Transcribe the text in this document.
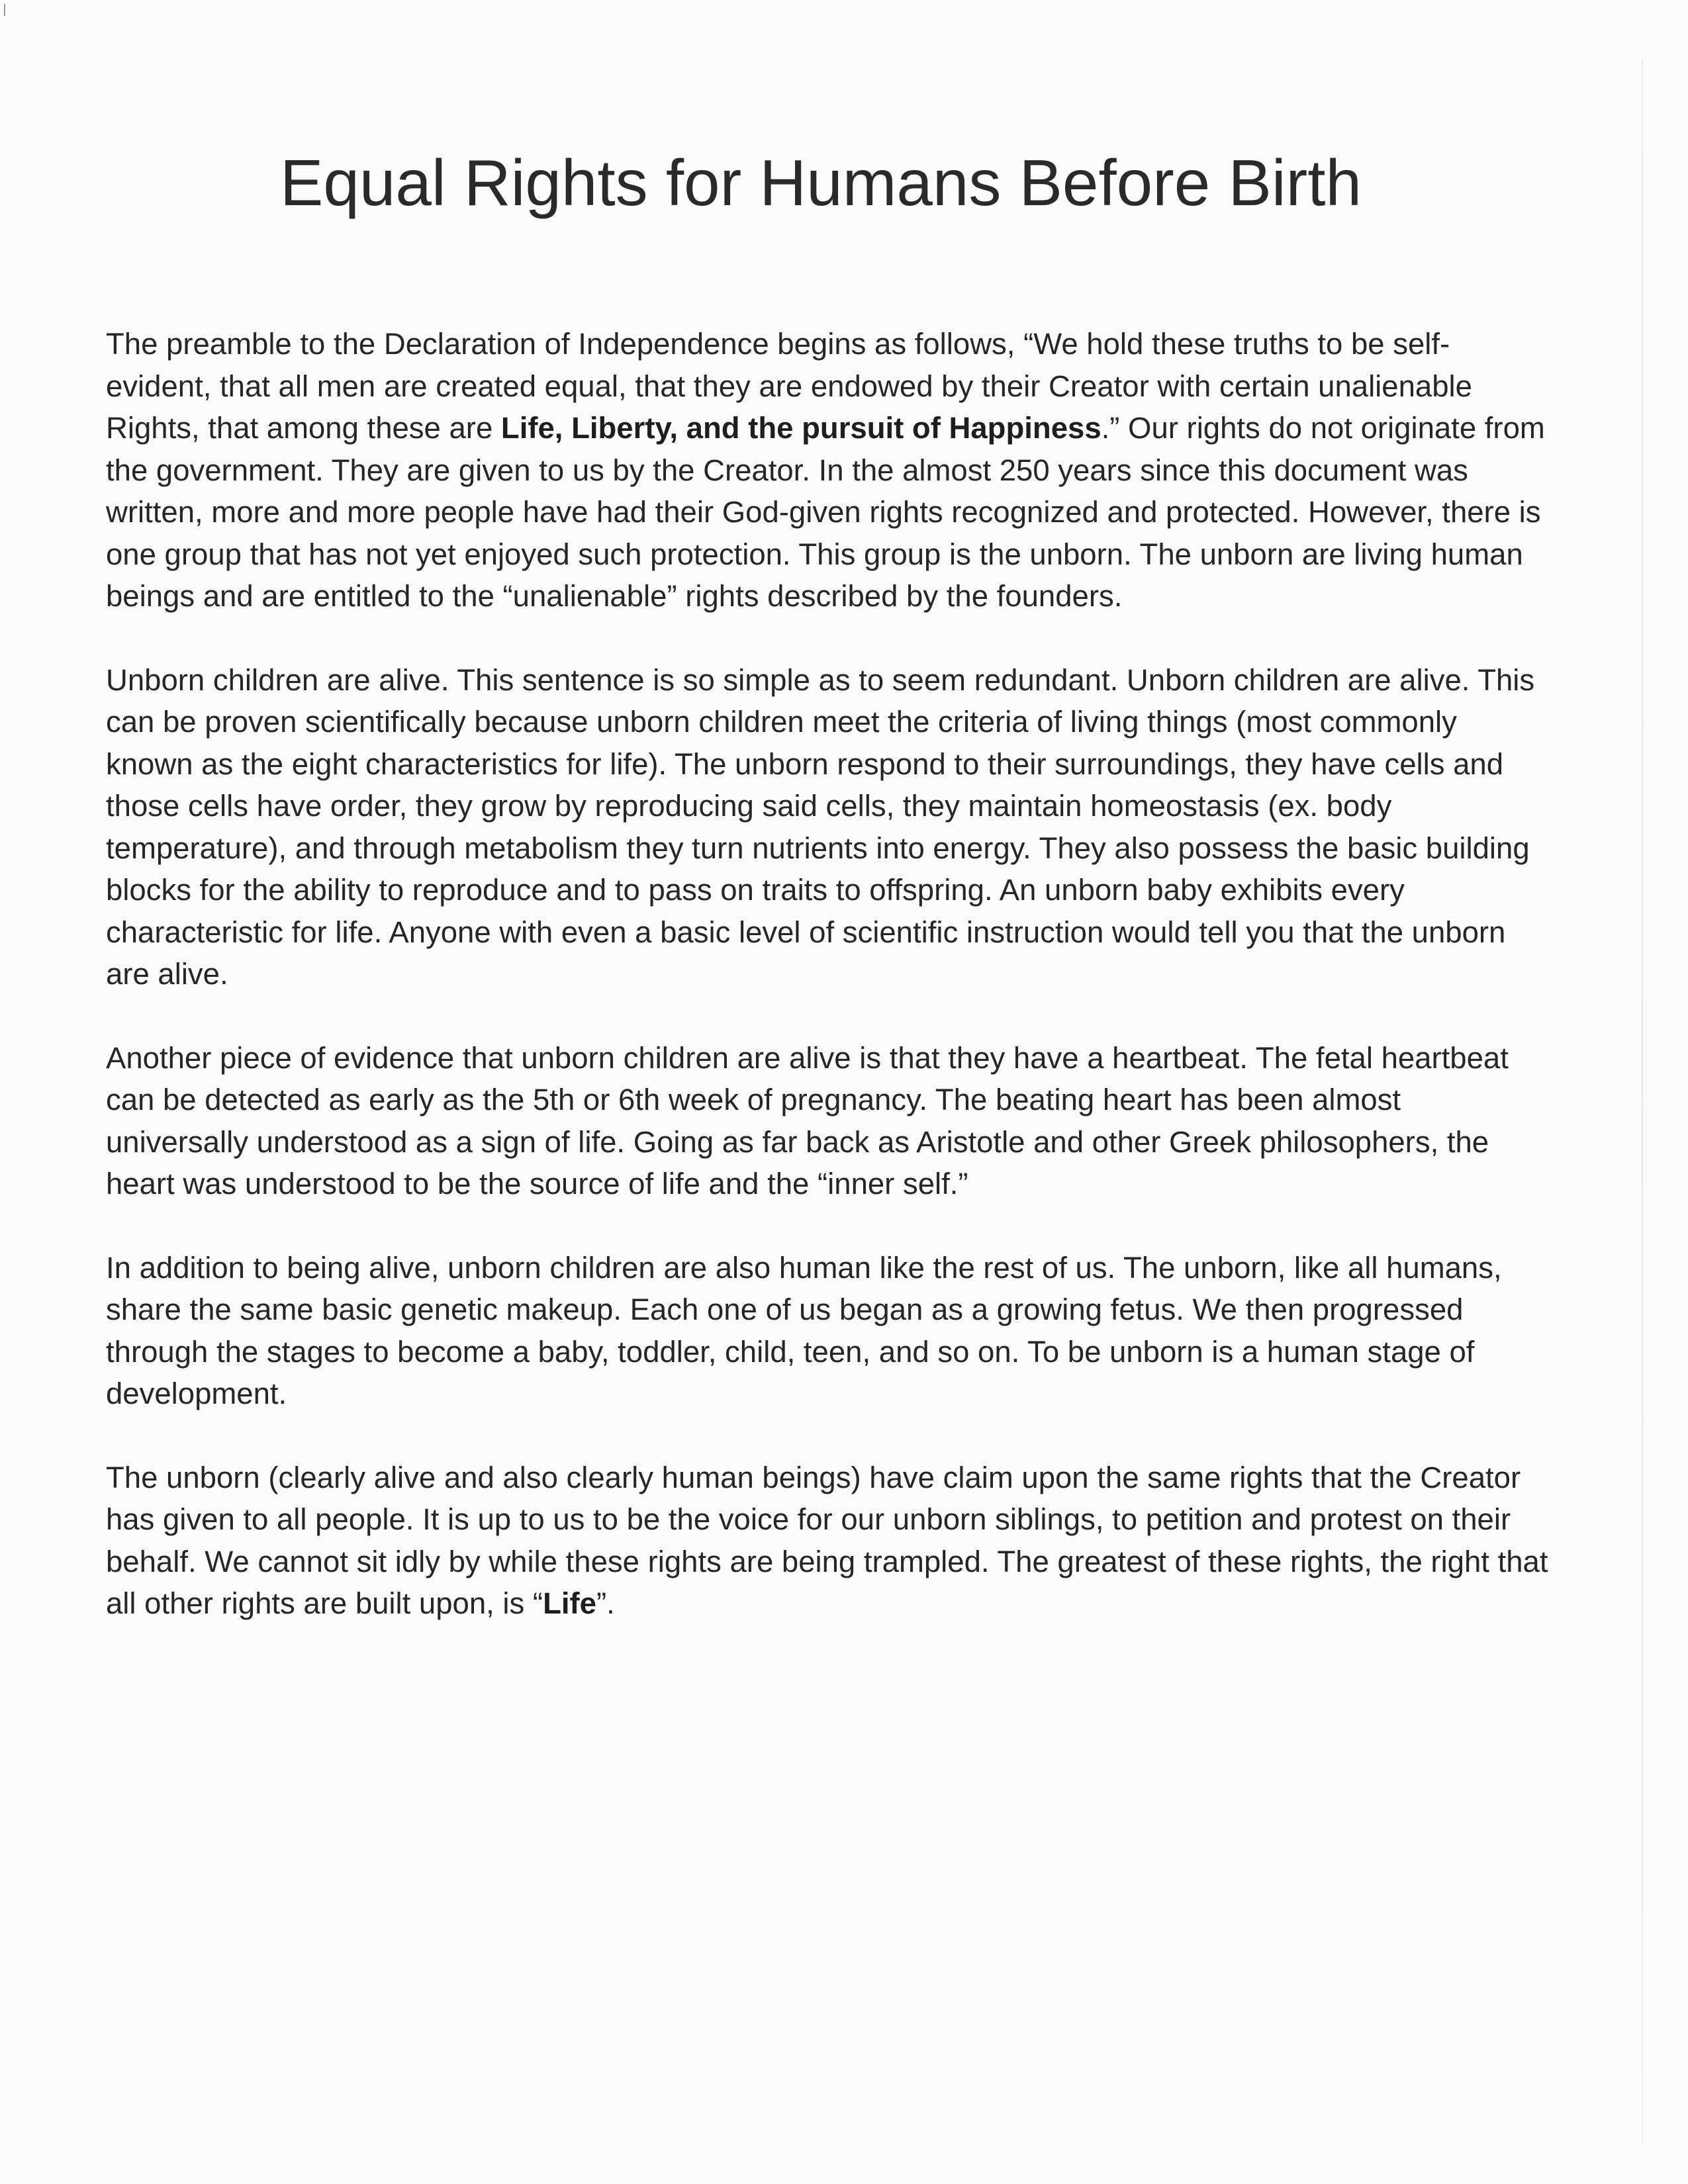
Equal Rights for Humans Before Birth

The preamble to the Declaration of Independence begins as follows, “We hold these truths to be self-evident, that all men are created equal, that they are endowed by their Creator with certain unalienable Rights, that among these are Life, Liberty, and the pursuit of Happiness.” Our rights do not originate from the government. They are given to us by the Creator. In the almost 250 years since this document was written, more and more people have had their God-given rights recognized and protected. However, there is one group that has not yet enjoyed such protection. This group is the unborn. The unborn are living human beings and are entitled to the “unalienable” rights described by the founders.

Unborn children are alive. This sentence is so simple as to seem redundant. Unborn children are alive. This can be proven scientifically because unborn children meet the criteria of living things (most commonly known as the eight characteristics for life). The unborn respond to their surroundings, they have cells and those cells have order, they grow by reproducing said cells, they maintain homeostasis (ex. body temperature), and through metabolism they turn nutrients into energy. They also possess the basic building blocks for the ability to reproduce and to pass on traits to offspring. An unborn baby exhibits every characteristic for life. Anyone with even a basic level of scientific instruction would tell you that the unborn are alive.

Another piece of evidence that unborn children are alive is that they have a heartbeat. The fetal heartbeat can be detected as early as the 5th or 6th week of pregnancy. The beating heart has been almost universally understood as a sign of life. Going as far back as Aristotle and other Greek philosophers, the heart was understood to be the source of life and the “inner self.”

In addition to being alive, unborn children are also human like the rest of us. The unborn, like all humans, share the same basic genetic makeup. Each one of us began as a growing fetus. We then progressed through the stages to become a baby, toddler, child, teen, and so on. To be unborn is a human stage of development.

The unborn (clearly alive and also clearly human beings) have claim upon the same rights that the Creator has given to all people. It is up to us to be the voice for our unborn siblings, to petition and protest on their behalf. We cannot sit idly by while these rights are being trampled. The greatest of these rights, the right that all other rights are built upon, is “Life”.
